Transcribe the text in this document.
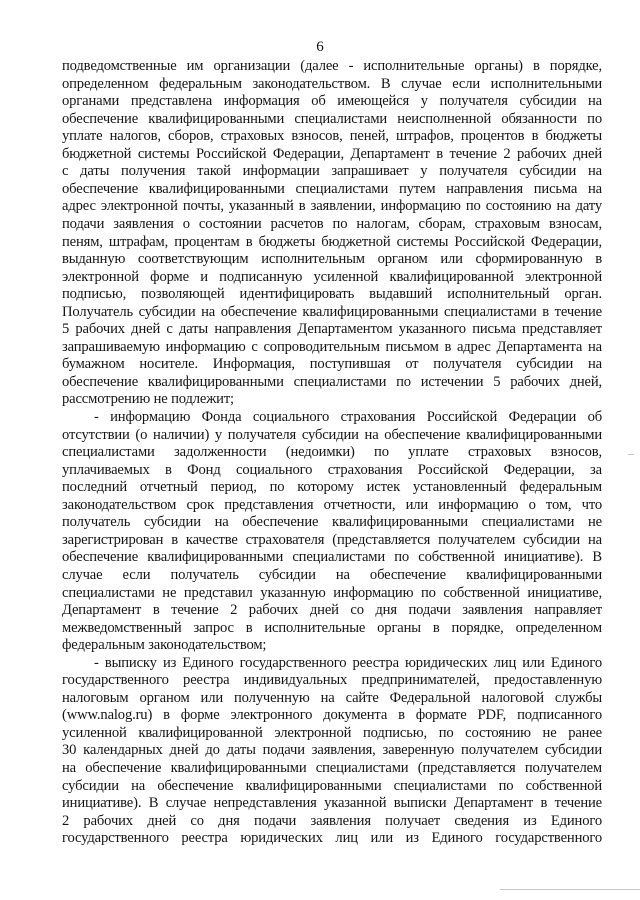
6
подведомственные им организации (далее - исполнительные органы) в порядке,
определенном федеральным законодательством. В случае если исполнительными
органами представлена информация об имеющейся у получателя субсидии на
обеспечение квалифицированными специалистами неисполненной обязанности по
уплате налогов, сборов, страховых взносов, пеней, штрафов, процентов в бюджеты
бюджетной системы Российской Федерации, Департамент в течение 2 рабочих дней
с даты получения такой информации запрашивает у получателя субсидии на
обеспечение квалифицированными специалистами путем направления письма на
адрес электронной почты, указанный в заявлении, информацию по состоянию на дату
подачи заявления о состоянии расчетов по налогам, сборам, страховым взносам,
пеням, штрафам, процентам в бюджеты бюджетной системы Российской Федерации,
выданную соответствующим исполнительным органом или сформированную в
электронной форме и подписанную усиленной квалифицированной электронной
подписью, позволяющей идентифицировать выдавший исполнительный орган.
Получатель субсидии на обеспечение квалифицированными специалистами в течение
5 рабочих дней с даты направления Департаментом указанного письма представляет
запрашиваемую информацию с сопроводительным письмом в адрес Департамента на
бумажном носителе. Информация, поступившая от получателя субсидии на
обеспечение квалифицированными специалистами по истечении 5 рабочих дней,
рассмотрению не подлежит;
- информацию Фонда социального страхования Российской Федерации об
отсутствии (о наличии) у получателя субсидии на обеспечение квалифицированными
специалистами задолженности (недоимки) по уплате страховых взносов,
уплачиваемых в Фонд социального страхования Российской Федерации, за
последний отчетный период, по которому истек установленный федеральным
законодательством срок представления отчетности, или информацию о том, что
получатель субсидии на обеспечение квалифицированными специалистами не
зарегистрирован в качестве страхователя (представляется получателем субсидии на
обеспечение квалифицированными специалистами по собственной инициативе). В
случае если получатель субсидии на обеспечение квалифицированными
специалистами не представил указанную информацию по собственной инициативе,
Департамент в течение 2 рабочих дней со дня подачи заявления направляет
межведомственный запрос в исполнительные органы в порядке, определенном
федеральным законодательством;
- выписку из Единого государственного реестра юридических лиц или Единого
государственного реестра индивидуальных предпринимателей, предоставленную
налоговым органом или полученную на сайте Федеральной налоговой службы
(www.nalog.ru) в форме электронного документа в формате PDF, подписанного
усиленной квалифицированной электронной подписью, по состоянию не ранее
30 календарных дней до даты подачи заявления, заверенную получателем субсидии
на обеспечение квалифицированными специалистами (представляется получателем
субсидии на обеспечение квалифицированными специалистами по собственной
инициативе). В случае непредставления указанной выписки Департамент в течение
2 рабочих дней со дня подачи заявления получает сведения из Единого
государственного реестра юридических лиц или из Единого государственного
